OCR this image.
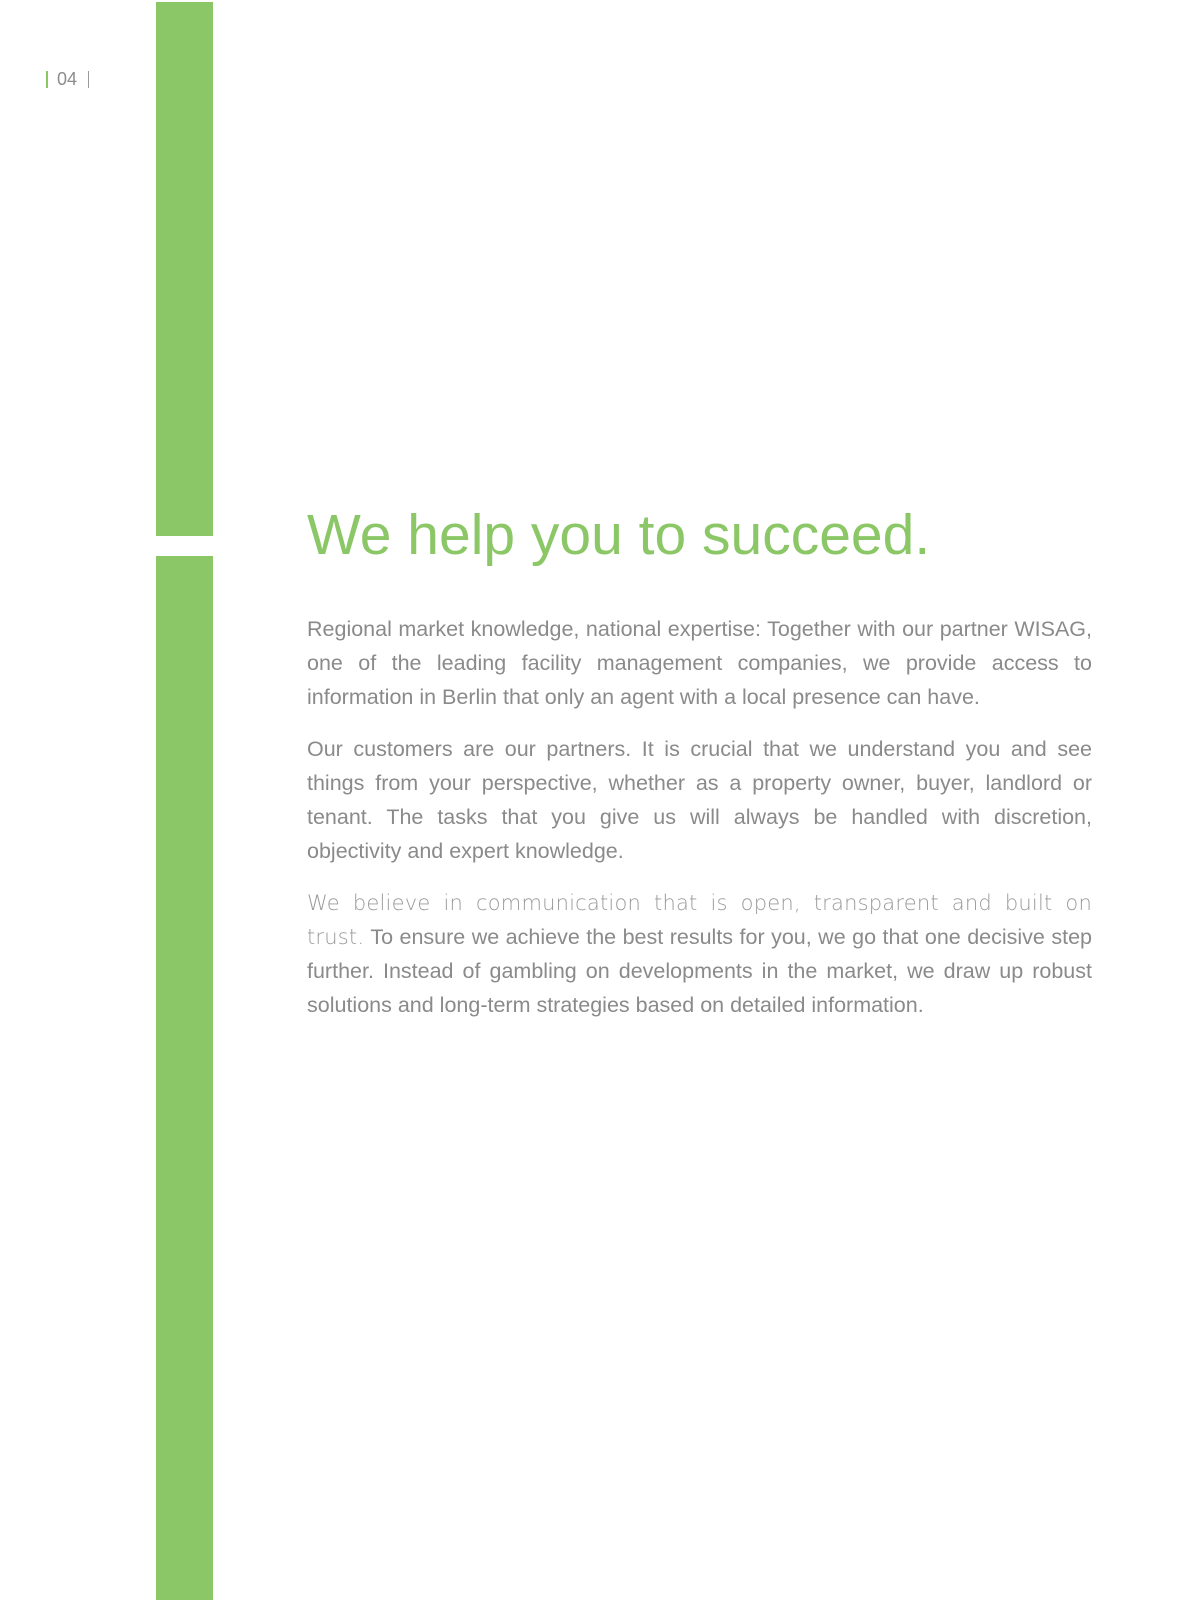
04
We help you to succeed.

Regional market knowledge, national expertise: Together with our partner WISAG, one of the leading facility management companies, we provide access to information in Berlin that only an agent with a local presence can have.

Our customers are our partners. It is crucial that we understand you and see things from your perspective, whether as a property owner, buyer, landlord or tenant. The tasks that you give us will always be handled with discretion, objectivity and expert knowledge.

We believe in communication that is open, transparent and built on trust. To ensure we achieve the best results for you, we go that one decisive step further. Instead of gambling on developments in the market, we draw up robust solutions and long-term strategies based on detailed information.
